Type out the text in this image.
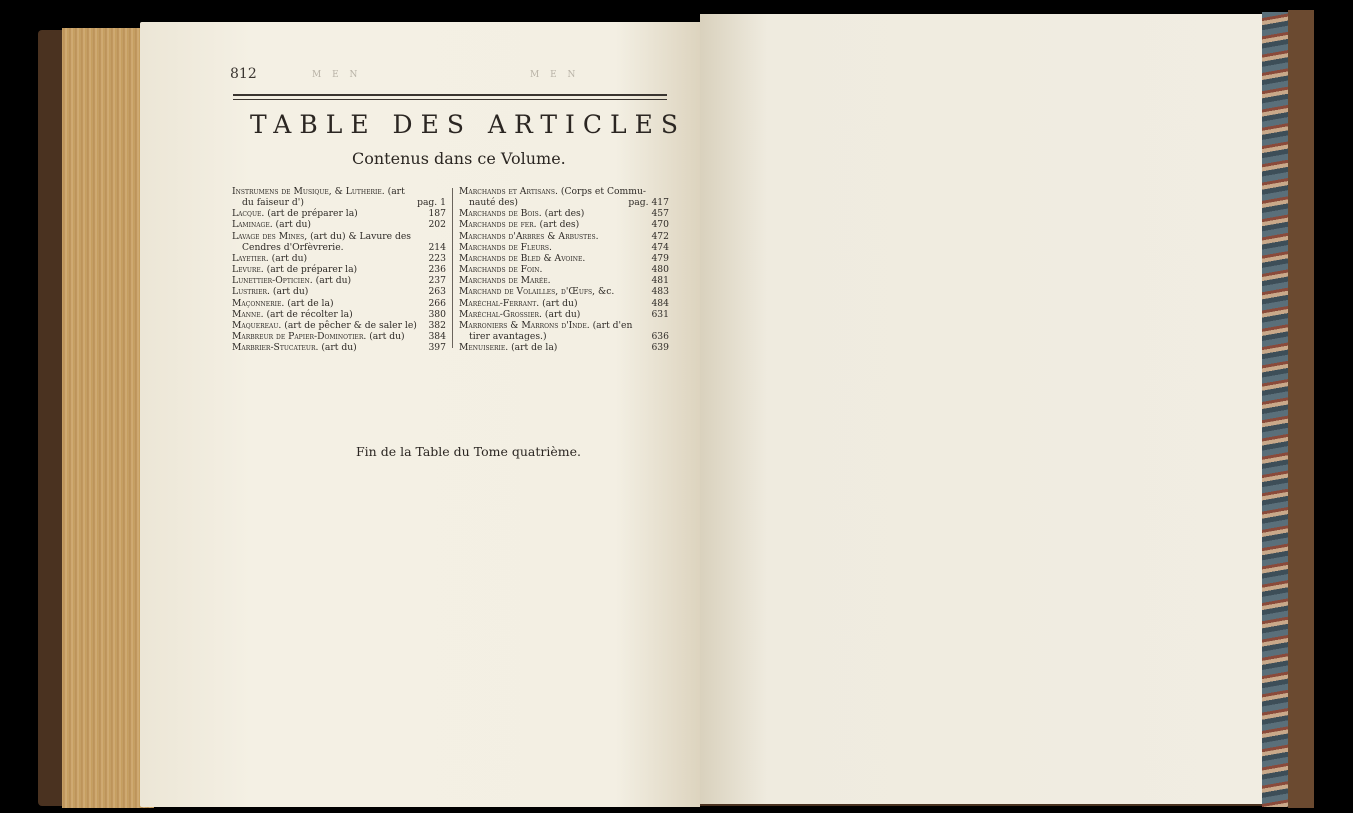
812	M E N	M E N
TABLE DES ARTICLES
Contenus dans ce Volume.
Instrumens de Musique, & Lutherie. (art
du faiseur d')	pag. 1
Lacque. (art de préparer la)	187
Laminage. (art du)	202
Lavage des Mines, (art du) & Lavure des
Cendres d'Orfèvrerie.	214
Layetier. (art du)	223
Levure. (art de préparer la)	236
Lunettier-Opticien. (art du)	237
Lustrier. (art du)	263
Maçonnerie. (art de la)	266
Manne. (art de récolter la)	380
Maquereau. (art de pêcher & de saler le) 382
Marbreur de Papier-Dominotier. (art du)	384
Marbrier-Stucateur. (art du)	397
Marchands et Artisans. (Corps et Commu-
nauté des)	pag. 417
Marchands de Bois. (art des)	457
Marchands de fer. (art des)	470
Marchands d'Arbres & Arbustes.	472
Marchands de Fleurs.	474
Marchands de Bled & Avoine.	479
Marchands de Foin.	480
Marchands de Marée.	481
Marchand de Volailles, d'Œufs, &c.	483
Maréchal-Ferrant. (art du)	484
Maréchal-Grossier. (art du)	631
Marroniers & Marrons d'Inde. (art d'en
tirer avantages.)	636
Menuiserie. (art de la)	639
Fin de la Table du Tome quatrième.
